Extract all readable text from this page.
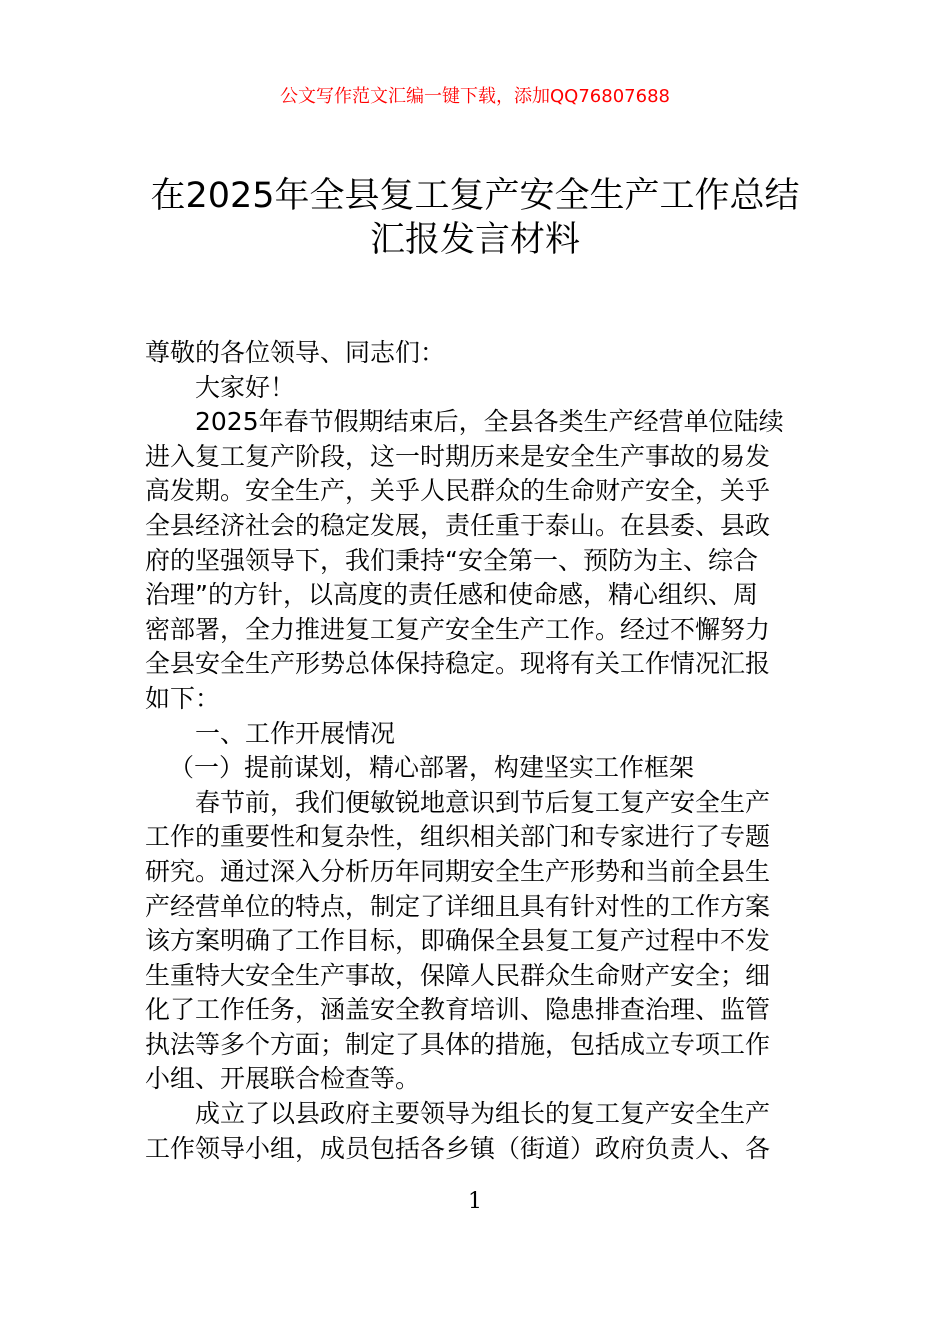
公文写作范文汇编一键下载，添加QQ76807688
在2025年全县复工复产安全生产工作总结
汇报发言材料
尊敬的各位领导、同志们：
大家好！
2025年春节假期结束后，全县各类生产经营单位陆续
进入复工复产阶段，这一时期历来是安全生产事故的易发
高发期。安全生产，关乎人民群众的生命财产安全，关乎
全县经济社会的稳定发展，责任重于泰山。在县委、县政
府的坚强领导下，我们秉持“安全第一、预防为主、综合
治理”的方针，以高度的责任感和使命感，精心组织、周
密部署，全力推进复工复产安全生产工作。经过不懈努力
全县安全生产形势总体保持稳定。现将有关工作情况汇报
如下：
一、工作开展情况
（一）提前谋划，精心部署，构建坚实工作框架
春节前，我们便敏锐地意识到节后复工复产安全生产
工作的重要性和复杂性，组织相关部门和专家进行了专题
研究。通过深入分析历年同期安全生产形势和当前全县生
产经营单位的特点，制定了详细且具有针对性的工作方案
该方案明确了工作目标，即确保全县复工复产过程中不发
生重特大安全生产事故，保障人民群众生命财产安全；细
化了工作任务，涵盖安全教育培训、隐患排查治理、监管
执法等多个方面；制定了具体的措施，包括成立专项工作
小组、开展联合检查等。
成立了以县政府主要领导为组长的复工复产安全生产
工作领导小组，成员包括各乡镇（街道）政府负责人、各
1
